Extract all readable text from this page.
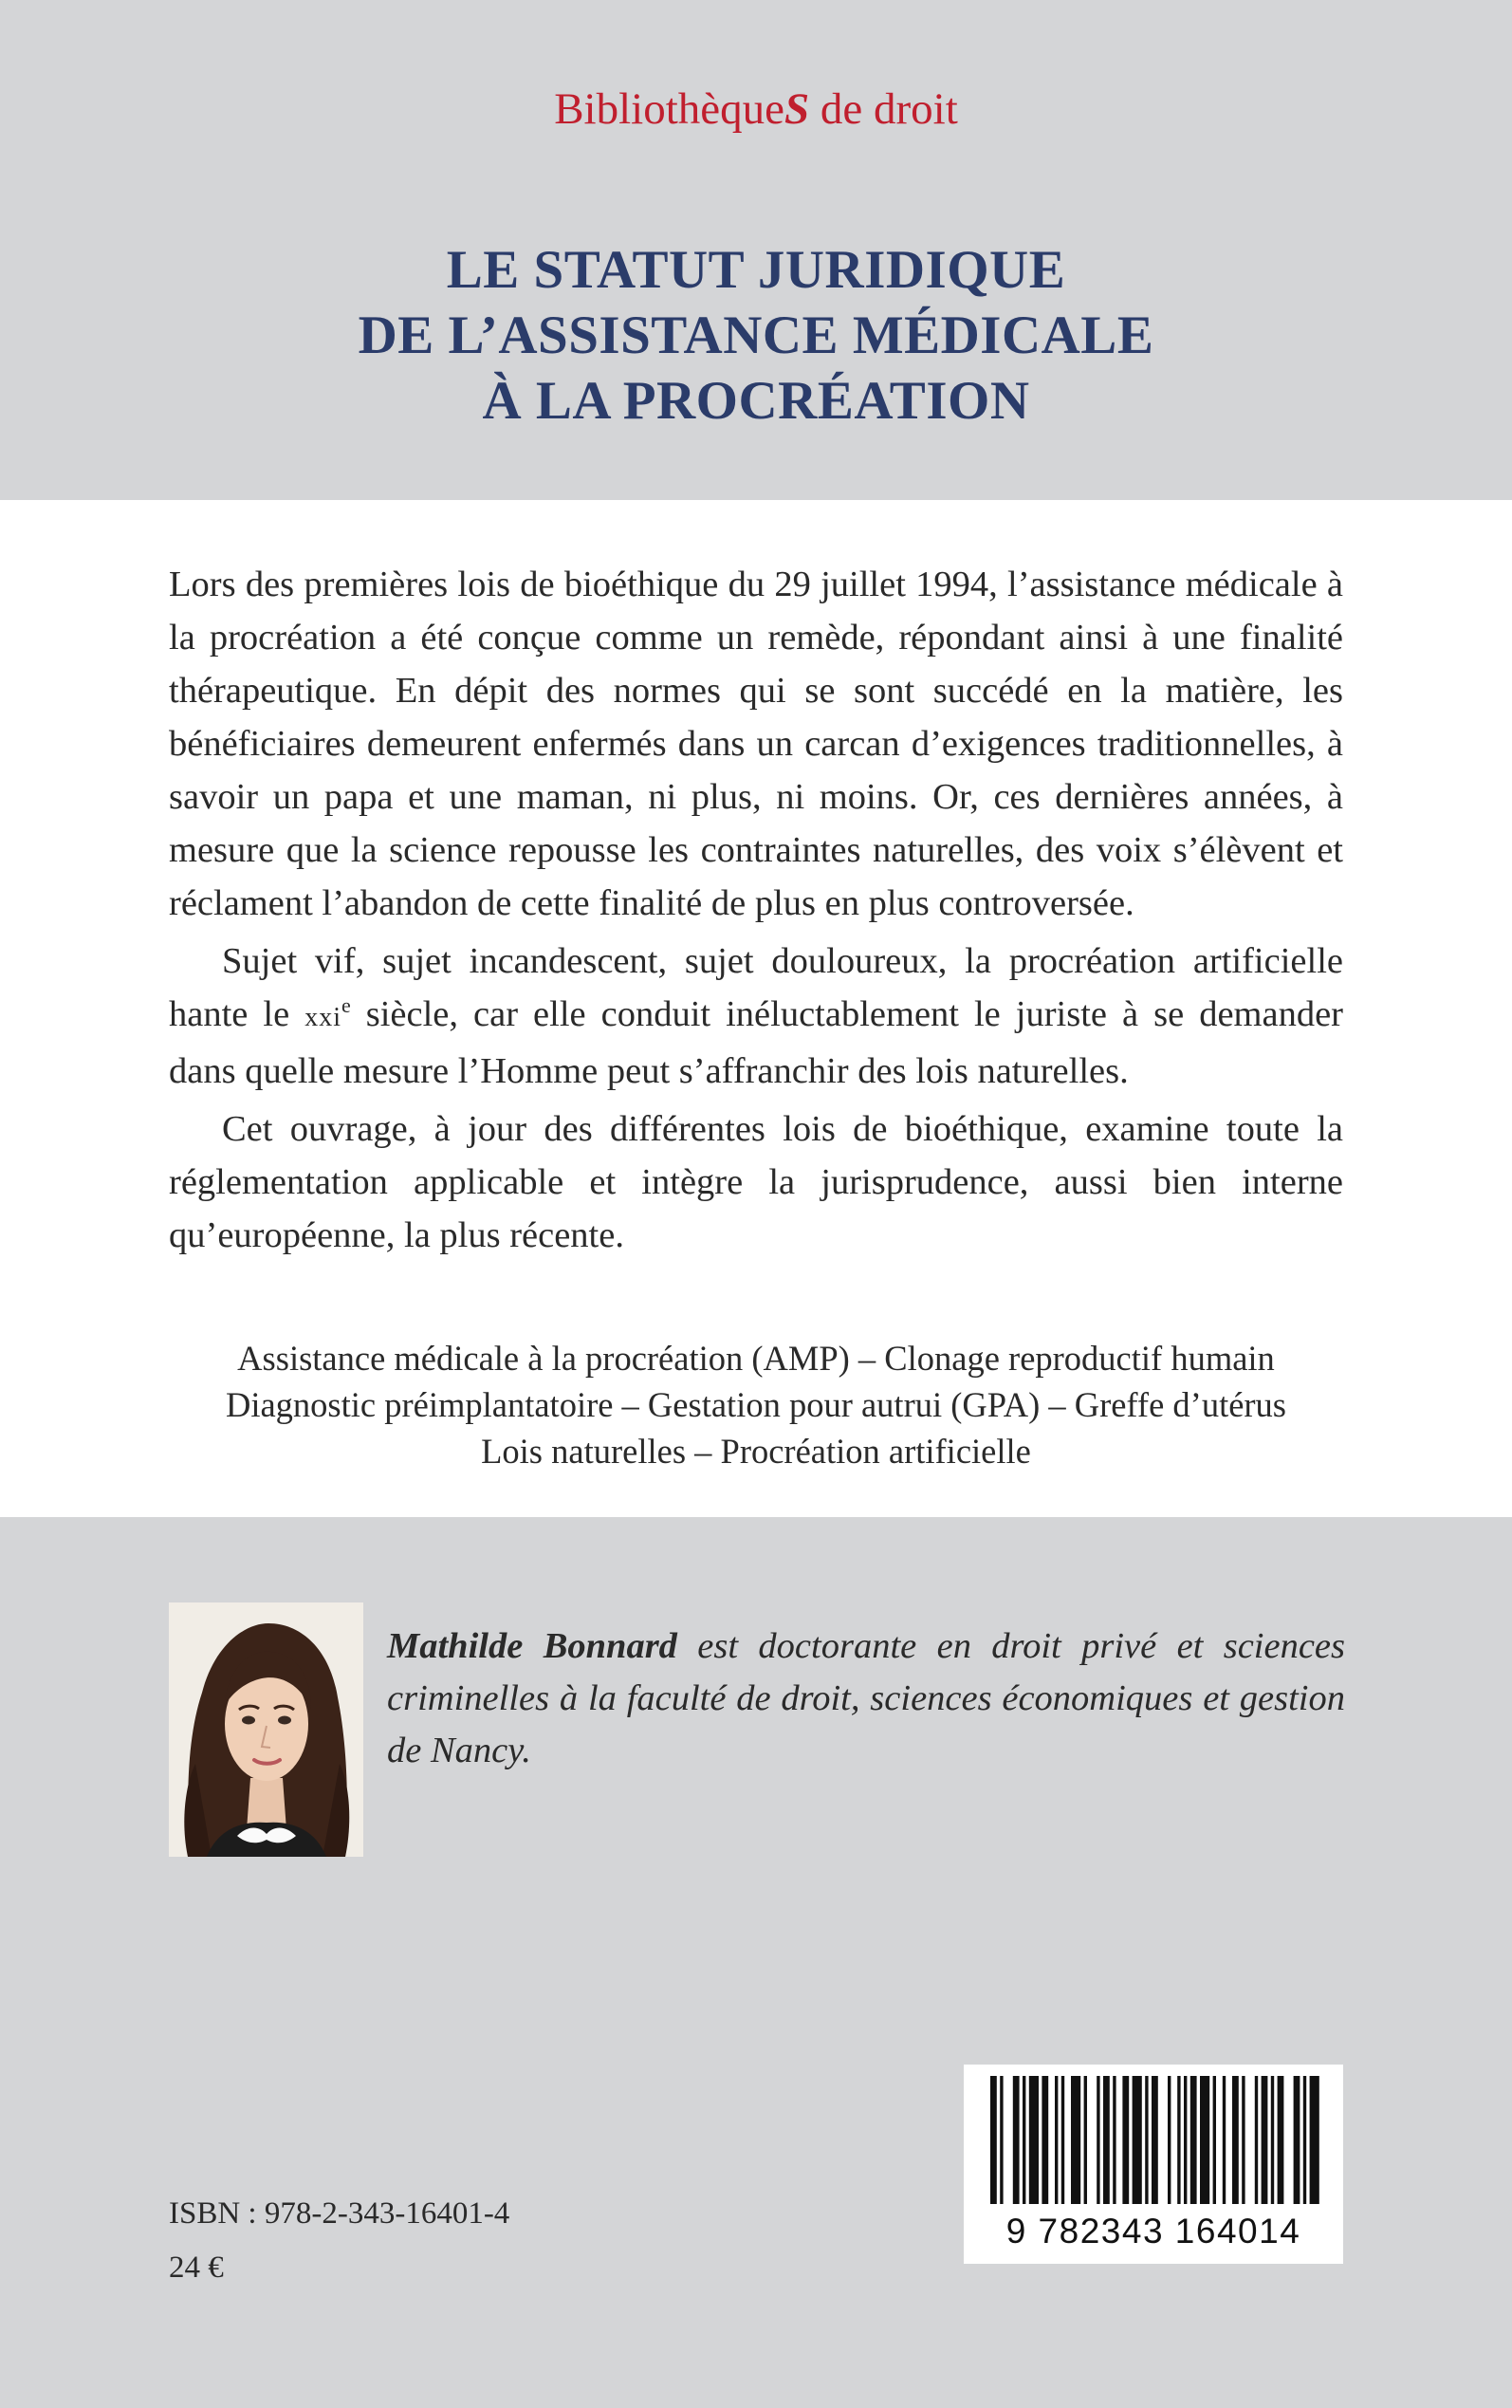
BibliothèqueS de droit
LE STATUT JURIDIQUE
DE L’ASSISTANCE MÉDICALE
À LA PROCRÉATION

Lors des premières lois de bioéthique du 29 juillet 1994, l’assistance médicale à la procréation a été conçue comme un remède, répondant ainsi à une finalité thérapeutique. En dépit des normes qui se sont succédé en la matière, les bénéficiaires demeurent enfermés dans un carcan d’exigences traditionnelles, à savoir un papa et une maman, ni plus, ni moins. Or, ces dernières années, à mesure que la science repousse les contraintes naturelles, des voix s’élèvent et réclament l’abandon de cette finalité de plus en plus controversée.

Sujet vif, sujet incandescent, sujet douloureux, la procréation artificielle hante le xxi$^e$ siècle, car elle conduit inéluctablement le juriste à se demander dans quelle mesure l’Homme peut s’affranchir des lois naturelles.

Cet ouvrage, à jour des différentes lois de bioéthique, examine toute la réglementation applicable et intègre la jurisprudence, aussi bien interne qu’européenne, la plus récente.

Assistance médicale à la procréation (AMP) – Clonage reproductif humain
Diagnostic préimplantatoire – Gestation pour autrui (GPA) – Greffe d’utérus
Lois naturelles – Procréation artificielle
Mathilde Bonnard est doctorante en droit privé et sciences criminelles à la faculté de droit, sciences économiques et gestion de Nancy.
9 782343 164014
ISBN : 978-2-343-16401-4
24 €
